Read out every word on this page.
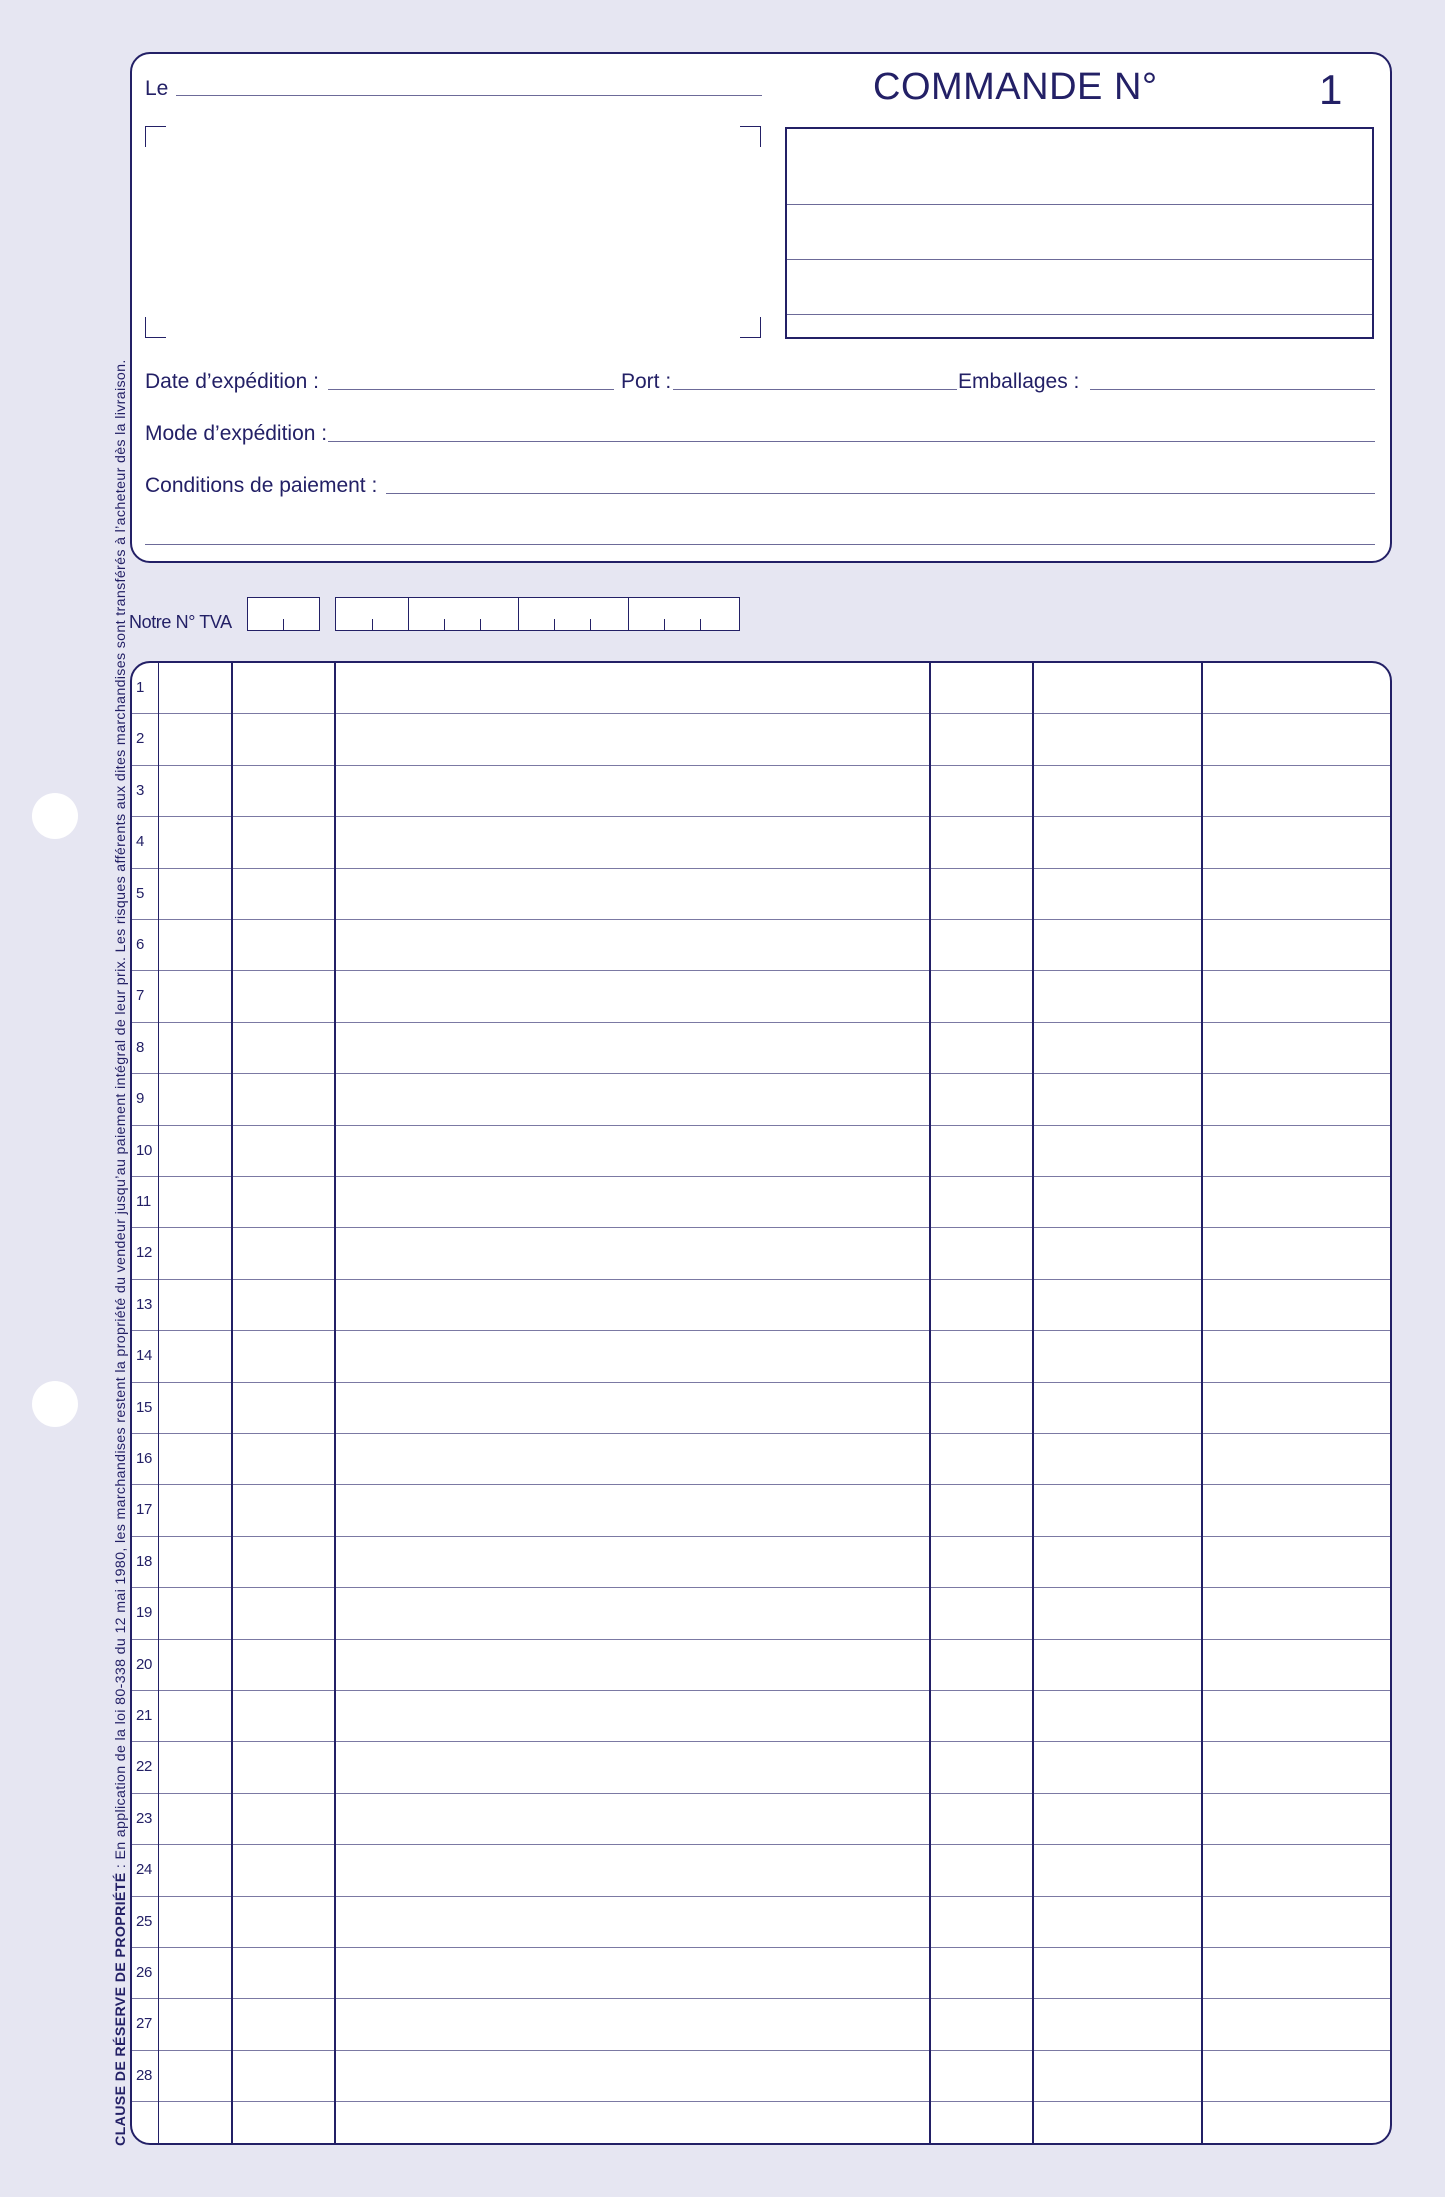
CLAUSE DE RÉSERVE DE PROPRIÉTÉ : En application de la loi 80-338 du 12 mai 1980, les marchandises restent la propriété du vendeur jusqu’au paiement intégral de leur prix. Les risques afférents aux dites marchandises sont transférés à l’acheteur dès la livraison.
Le	COMMANDE N°	1
Date d’expédition :	Port :	Emballages :
Mode d’expédition :
Conditions de paiement :
Notre N° TVA
1
2
3
4
5
6
7
8
9
10
11
12
13
14
15
16
17
18
19
20
21
22
23
24
25
26
27
28
